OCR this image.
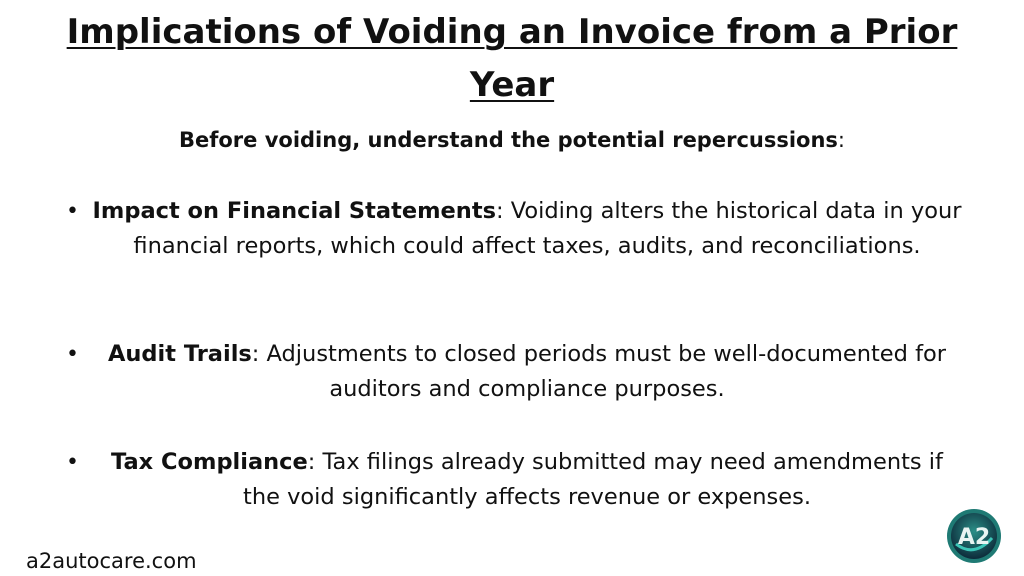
Implications of Voiding an Invoice from a Prior Year

Before voiding, understand the potential repercussions:

• Impact on Financial Statements: Voiding alters the historical data in your financial reports, which could affect taxes, audits, and reconciliations.
•	Audit Trails: Adjustments to closed periods must be well-documented for auditors and compliance purposes.
•	Tax Compliance: Tax filings already submitted may need amendments if the void significantly affects revenue or expenses.
a2autocare.com
A2
